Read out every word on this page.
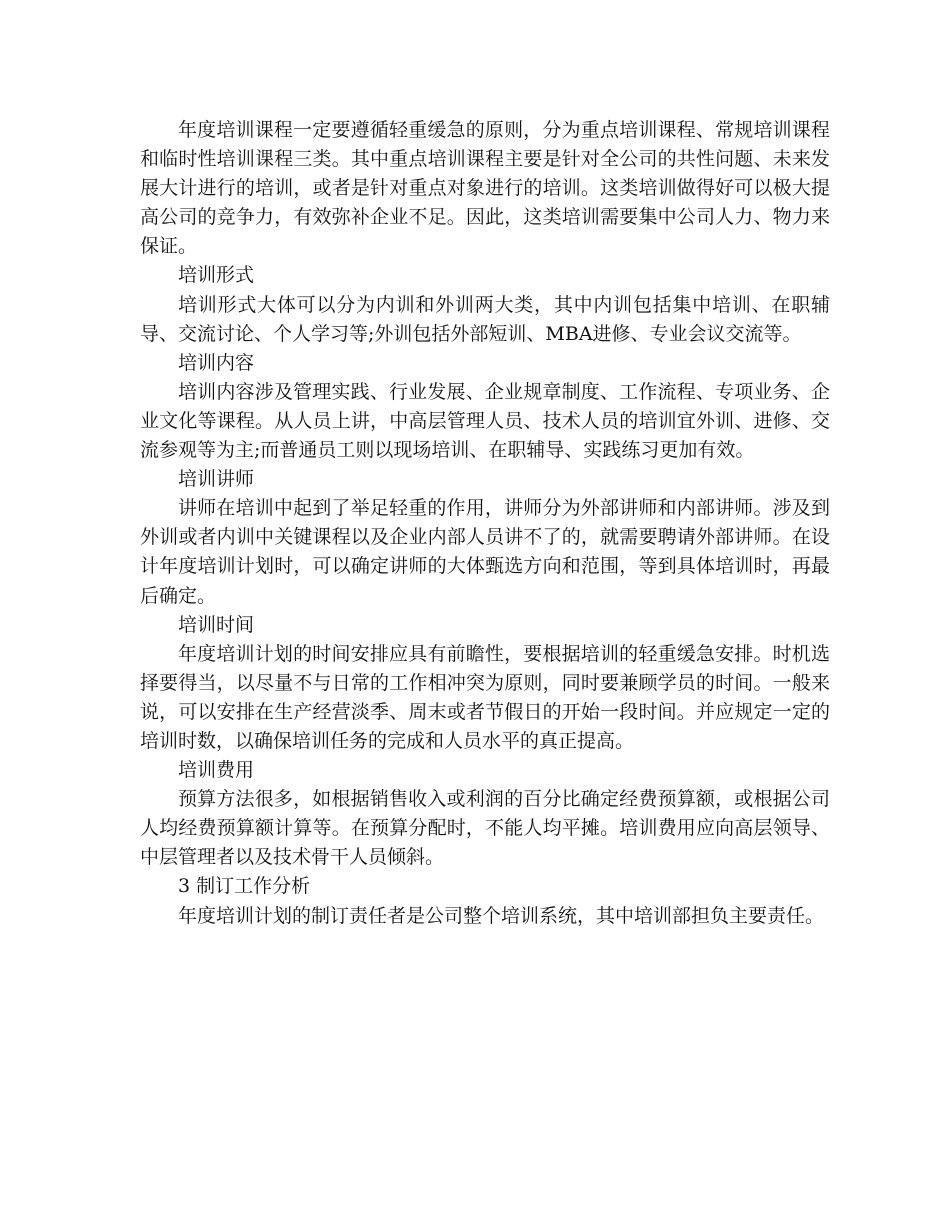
年度培训课程一定要遵循轻重缓急的原则，分为重点培训课程、常规培训课程和临时性培训课程三类。其中重点培训课程主要是针对全公司的共性问题、未来发展大计进行的培训，或者是针对重点对象进行的培训。这类培训做得好可以极大提高公司的竞争力，有效弥补企业不足。因此，这类培训需要集中公司人力、物力来保证。

培训形式

培训形式大体可以分为内训和外训两大类，其中内训包括集中培训、在职辅导、交流讨论、个人学习等;外训包括外部短训、MBA进修、专业会议交流等。

培训内容

培训内容涉及管理实践、行业发展、企业规章制度、工作流程、专项业务、企业文化等课程。从人员上讲，中高层管理人员、技术人员的培训宜外训、进修、交流参观等为主;而普通员工则以现场培训、在职辅导、实践练习更加有效。

培训讲师

讲师在培训中起到了举足轻重的作用，讲师分为外部讲师和内部讲师。涉及到外训或者内训中关键课程以及企业内部人员讲不了的，就需要聘请外部讲师。在设计年度培训计划时，可以确定讲师的大体甄选方向和范围，等到具体培训时，再最后确定。

培训时间

年度培训计划的时间安排应具有前瞻性，要根据培训的轻重缓急安排。时机选择要得当，以尽量不与日常的工作相冲突为原则，同时要兼顾学员的时间。一般来说，可以安排在生产经营淡季、周末或者节假日的开始一段时间。并应规定一定的培训时数，以确保培训任务的完成和人员水平的真正提高。

培训费用

预算方法很多，如根据销售收入或利润的百分比确定经费预算额，或根据公司人均经费预算额计算等。在预算分配时，不能人均平摊。培训费用应向高层领导、中层管理者以及技术骨干人员倾斜。

3 制订工作分析

年度培训计划的制订责任者是公司整个培训系统，其中培训部担负主要责任。
